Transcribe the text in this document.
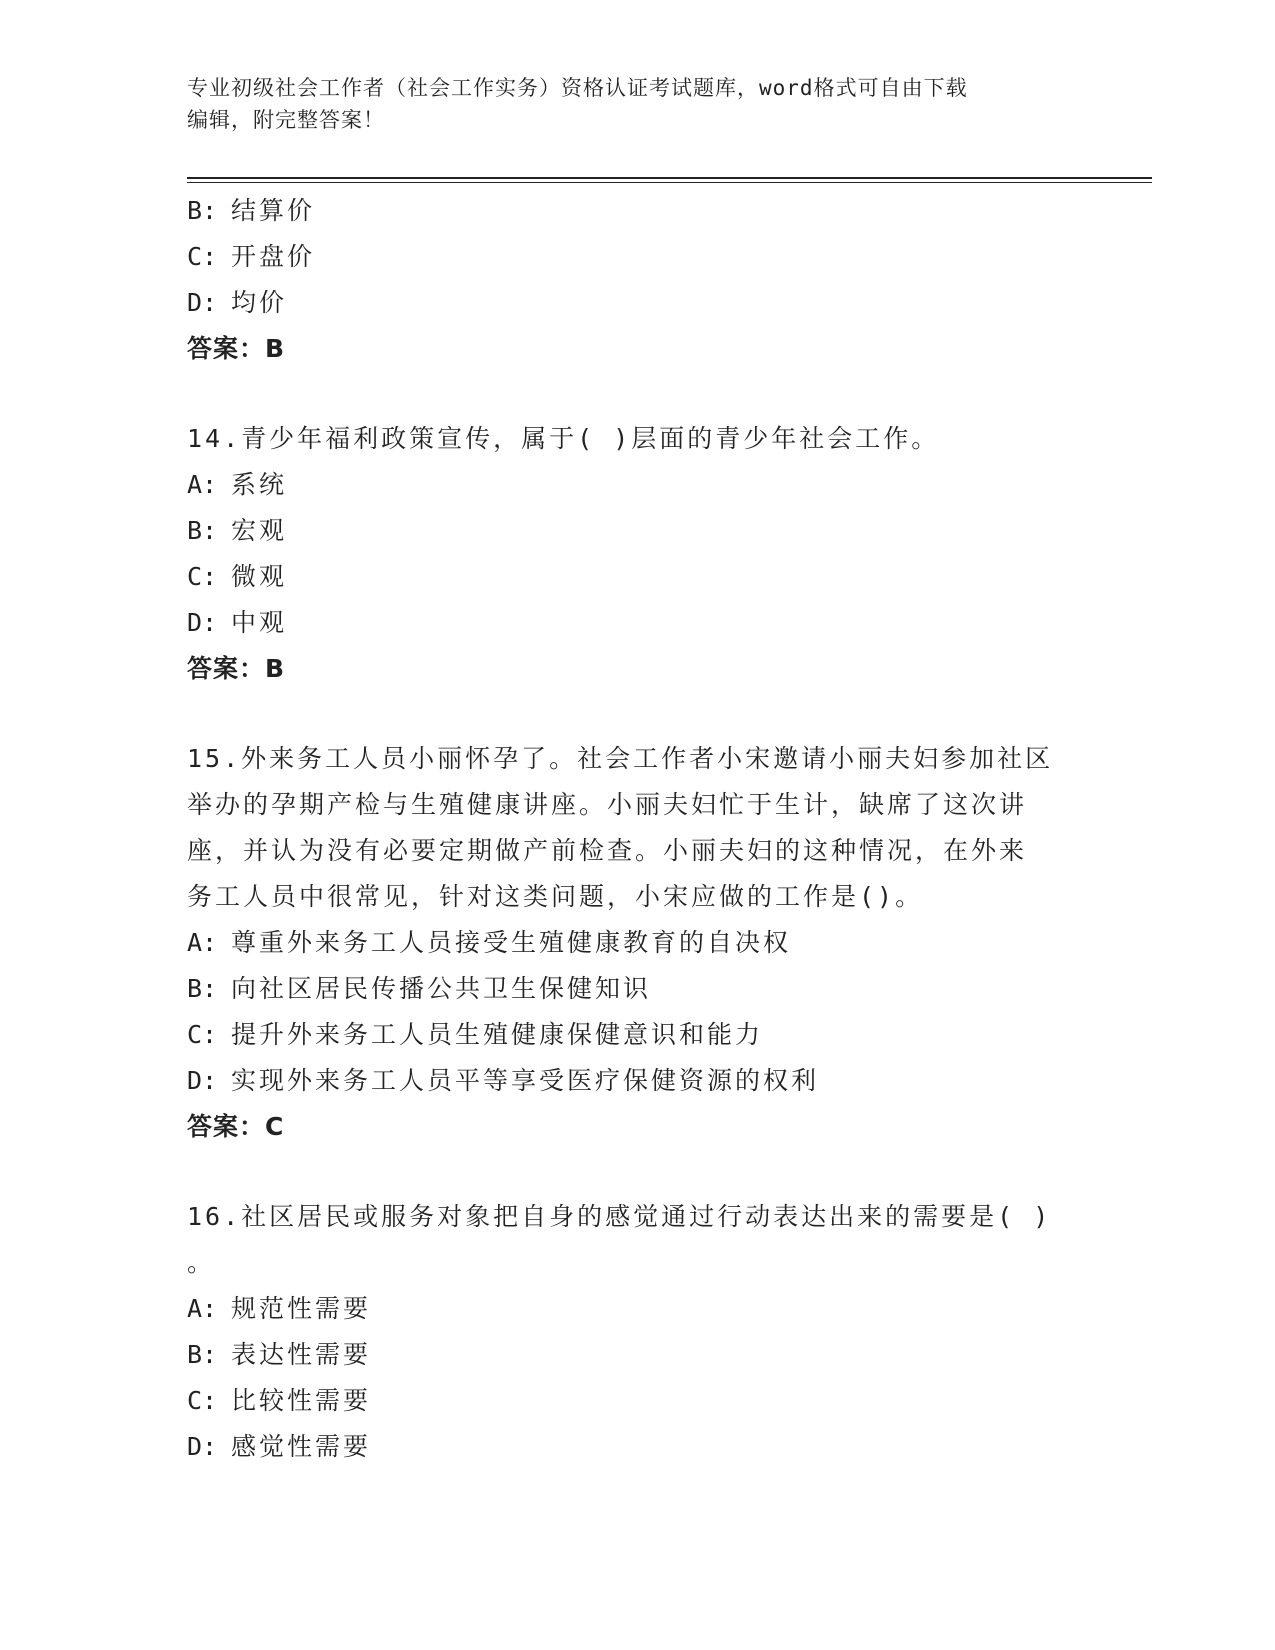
专业初级社会工作者（社会工作实务）资格认证考试题库，word格式可自由下载
编辑，附完整答案！
B: 结算价
C: 开盘价
D: 均价
答案：B
14.青少年福利政策宣传，属于( )层面的青少年社会工作。
A: 系统
B: 宏观
C: 微观
D: 中观
答案：B
15.外来务工人员小丽怀孕了。社会工作者小宋邀请小丽夫妇参加社区
举办的孕期产检与生殖健康讲座。小丽夫妇忙于生计，缺席了这次讲
座，并认为没有必要定期做产前检查。小丽夫妇的这种情况，在外来
务工人员中很常见，针对这类问题，小宋应做的工作是()。
A: 尊重外来务工人员接受生殖健康教育的自决权
B: 向社区居民传播公共卫生保健知识
C: 提升外来务工人员生殖健康保健意识和能力
D: 实现外来务工人员平等享受医疗保健资源的权利
答案：C
16.社区居民或服务对象把自身的感觉通过行动表达出来的需要是( )
。
A: 规范性需要
B: 表达性需要
C: 比较性需要
D: 感觉性需要
